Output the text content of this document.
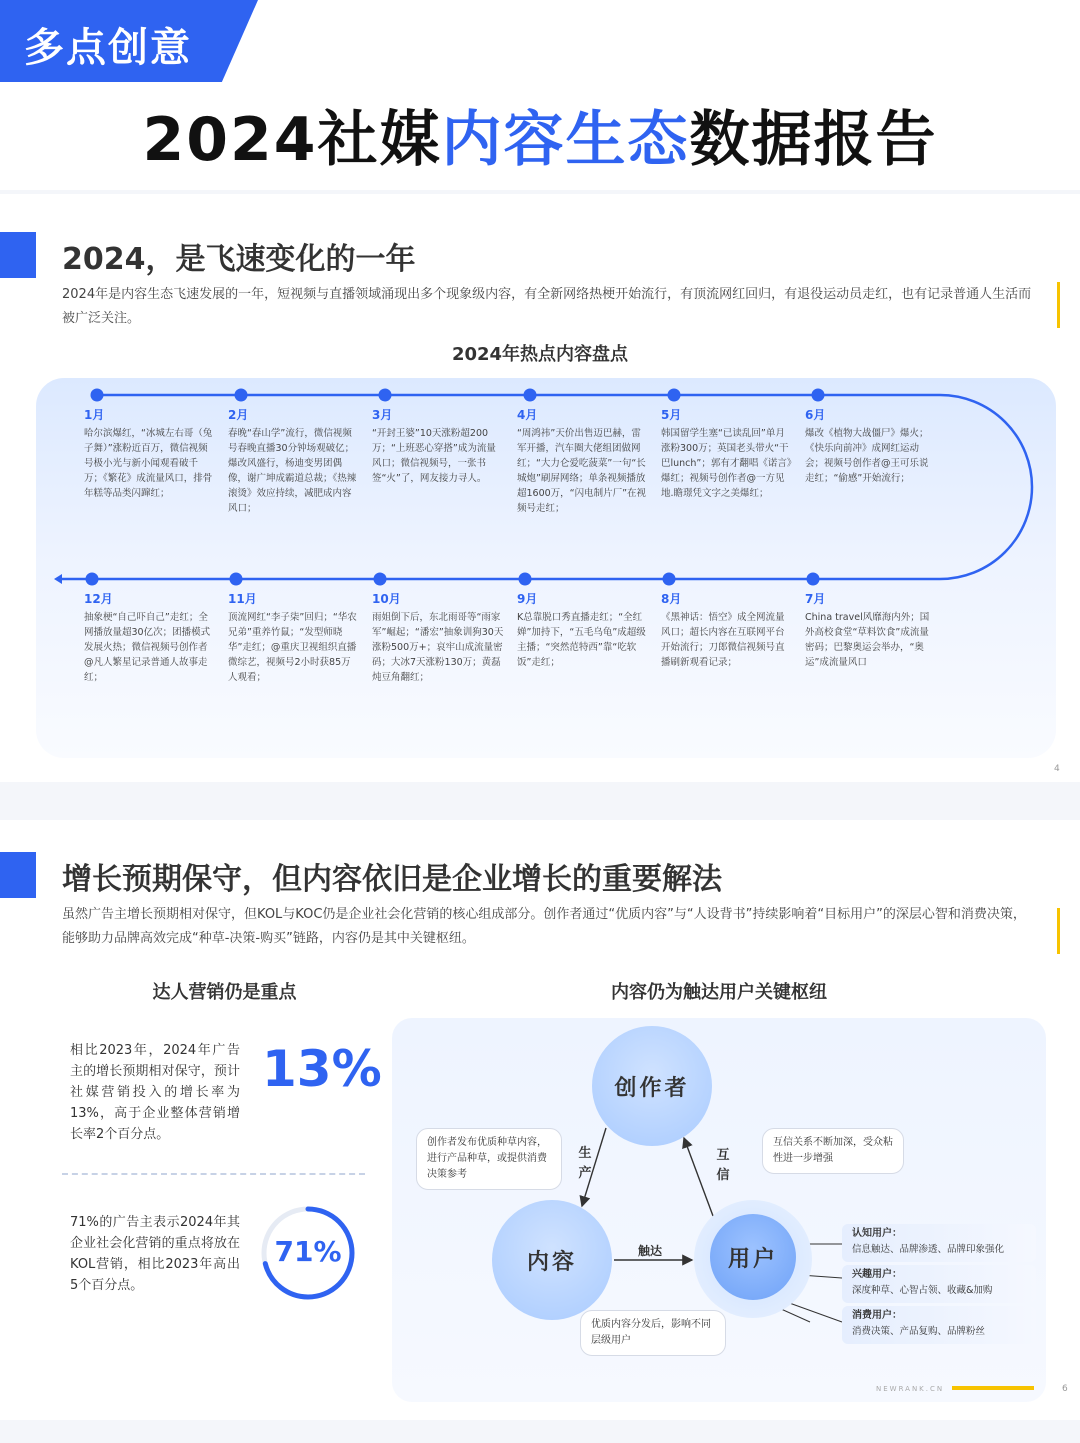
多点创意
2024社媒内容生态数据报告
2024，是飞速变化的一年
2024年是内容生态飞速发展的一年，短视频与直播领域涌现出多个现象级内容，有全新网络热梗开始流行，有顶流网红回归，有退役运动员走红，也有记录普通人生活而被广泛关注。
2024年热点内容盘点
1月
哈尔滨爆红，“冰城左右哥（兔子舞）”涨粉近百万，微信视频号极小光与新小闻观看破千万；《繁花》成流量风口，排骨年糕等品类闪蹿红；
2月
春晚“春山学”流行，微信视频号春晚直播30分钟场观破亿；爆改风盛行，杨迪变男团偶像，谢广坤成霸道总裁；《热辣滚烫》效应持续，减肥成内容风口；
3月
“开封王婆”10天涨粉超200万；“上班恶心穿搭”成为流量风口；微信视频号，一张书签“火”了，网友接力寻人。
4月
“周鸿祎”天价出售迈巴赫，雷军开播，汽车圈大佬组团做网红；“大力仑爱吃菠菜”一句“长城炮”刷屏网络；单条视频播放超1600万，“闪电制片厂”在视频号走红；
5月
韩国留学生塞“已读乱回”单月涨粉300万；英国老头带火“干巴lunch”；郭有才翻唱《诺言》爆红；视频号创作者@一方见地.瞻璟凭文字之美爆红；
6月
爆改《植物大战僵尸》爆火；《快乐向前冲》成网红运动会；视频号创作者@王可乐说走红；“偷感”开始流行；
12月
抽象梗“自己吓自己”走红；全网播放量超30亿次；团播模式发展火热；微信视频号创作者@凡人繁星记录普通人故事走红；
11月
顶流网红“李子柒”回归；“华农兄弟”重养竹鼠；“发型师晓华”走红；@重庆卫视组织直播微综艺，视频号2小时获85万人观看；
10月
雨姐倒下后，东北雨哥等“雨家军”崛起；“潘宏”抽象训狗30天涨粉500万+；哀牢山成流量密码；大冰7天涨粉130万；黄磊炖豆角翻红；
9月
K总靠脱口秀直播走红；“全红婵”加持下，“五毛乌龟”成超级主播；“突然范特西”靠“吃软饭”走红；
8月
《黑神话：悟空》成全网流量风口；超长内容在互联网平台开始流行；刀郎微信视频号直播刷新观看记录；
7月
China travel风靡海内外；国外高校食堂“草料饮食”成流量密码；巴黎奥运会举办，“奥运”成流量风口
4
增长预期保守，但内容依旧是企业增长的重要解法
虽然广告主增长预期相对保守，但KOL与KOC仍是企业社会化营销的核心组成部分。创作者通过“优质内容”与“人设背书”持续影响着“目标用户”的深层心智和消费决策，能够助力品牌高效完成“种草-决策-购买”链路，内容仍是其中关键枢纽。
达人营销仍是重点	内容仍为触达用户关键枢纽
相比2023年，2024年广告主的增长预期相对保守，预计社媒营销投入的增长率为13%，高于企业整体营销增长率2个百分点。
13%
71%的广告主表示2024年其企业社会化营销的重点将放在KOL营销，相比2023年高出5个百分点。
71%
创作者
内容	用户
创作者发布优质种草内容，进行产品种草，或提供消费决策参考
互信关系不断加深，受众粘性进一步增强
优质内容分发后，影响不同层级用户
生产
互信
触达
认知用户：
信息触达、品牌渗透、品牌印象强化
兴趣用户：
深度种草、心智占领、收藏&加购
消费用户：
消费决策、产品复购、品牌粉丝
NEWRANK.CN	6
